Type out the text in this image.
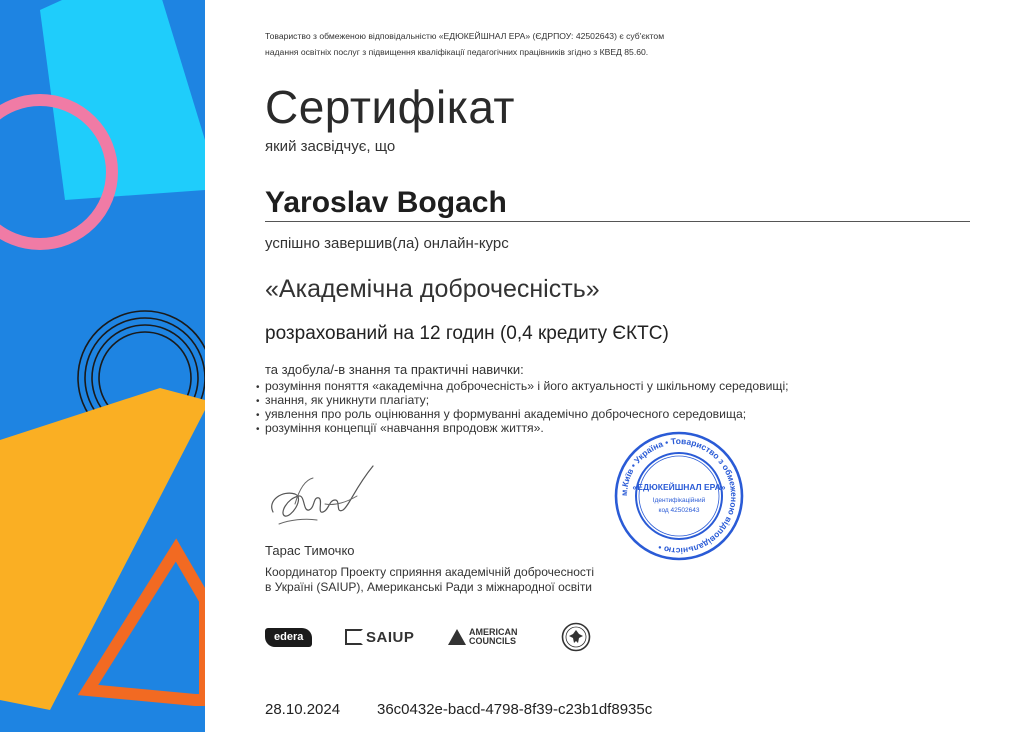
Товариство з обмеженою відповідальністю «ЕДЮКЕЙШНАЛ ЕРА» (ЄДРПОУ: 42502643) є суб'єктом
надання освітніх послуг з підвищення кваліфікації педагогічних працівників згідно з КВЕД 85.60.
Сертифікат
який засвідчує, що
Yaroslav Bogach
успішно завершив(ла) онлайн-курс
«Академічна доброчесність»
розрахований на 12 годин (0,4 кредиту ЄКТС)
та здобула/-в знання та практичні навички:
• розуміння поняття «академічна доброчесність» і його актуальності у шкільному середовищі;
• знання, як уникнути плагіату;
• уявлення про роль оцінювання у формуванні академічно доброчесного середовища;
• розуміння концепції «навчання впродовж життя».
Тарас Тимочко
Координатор Проекту сприяння академічній доброчесності
в Україні (SAIUP), Американські Ради з міжнародної освіти
м.Київ • Україна • Товариство з обмеженою відповідальністю •
«ЕДЮКЕЙШНАЛ ЕРА»
Ідентифікаційний
код 42502643
edera	SAIUP	AMERICAN
COUNCILS
28.10.2024 36c0432e-bacd-4798-8f39-c23b1df8935c
